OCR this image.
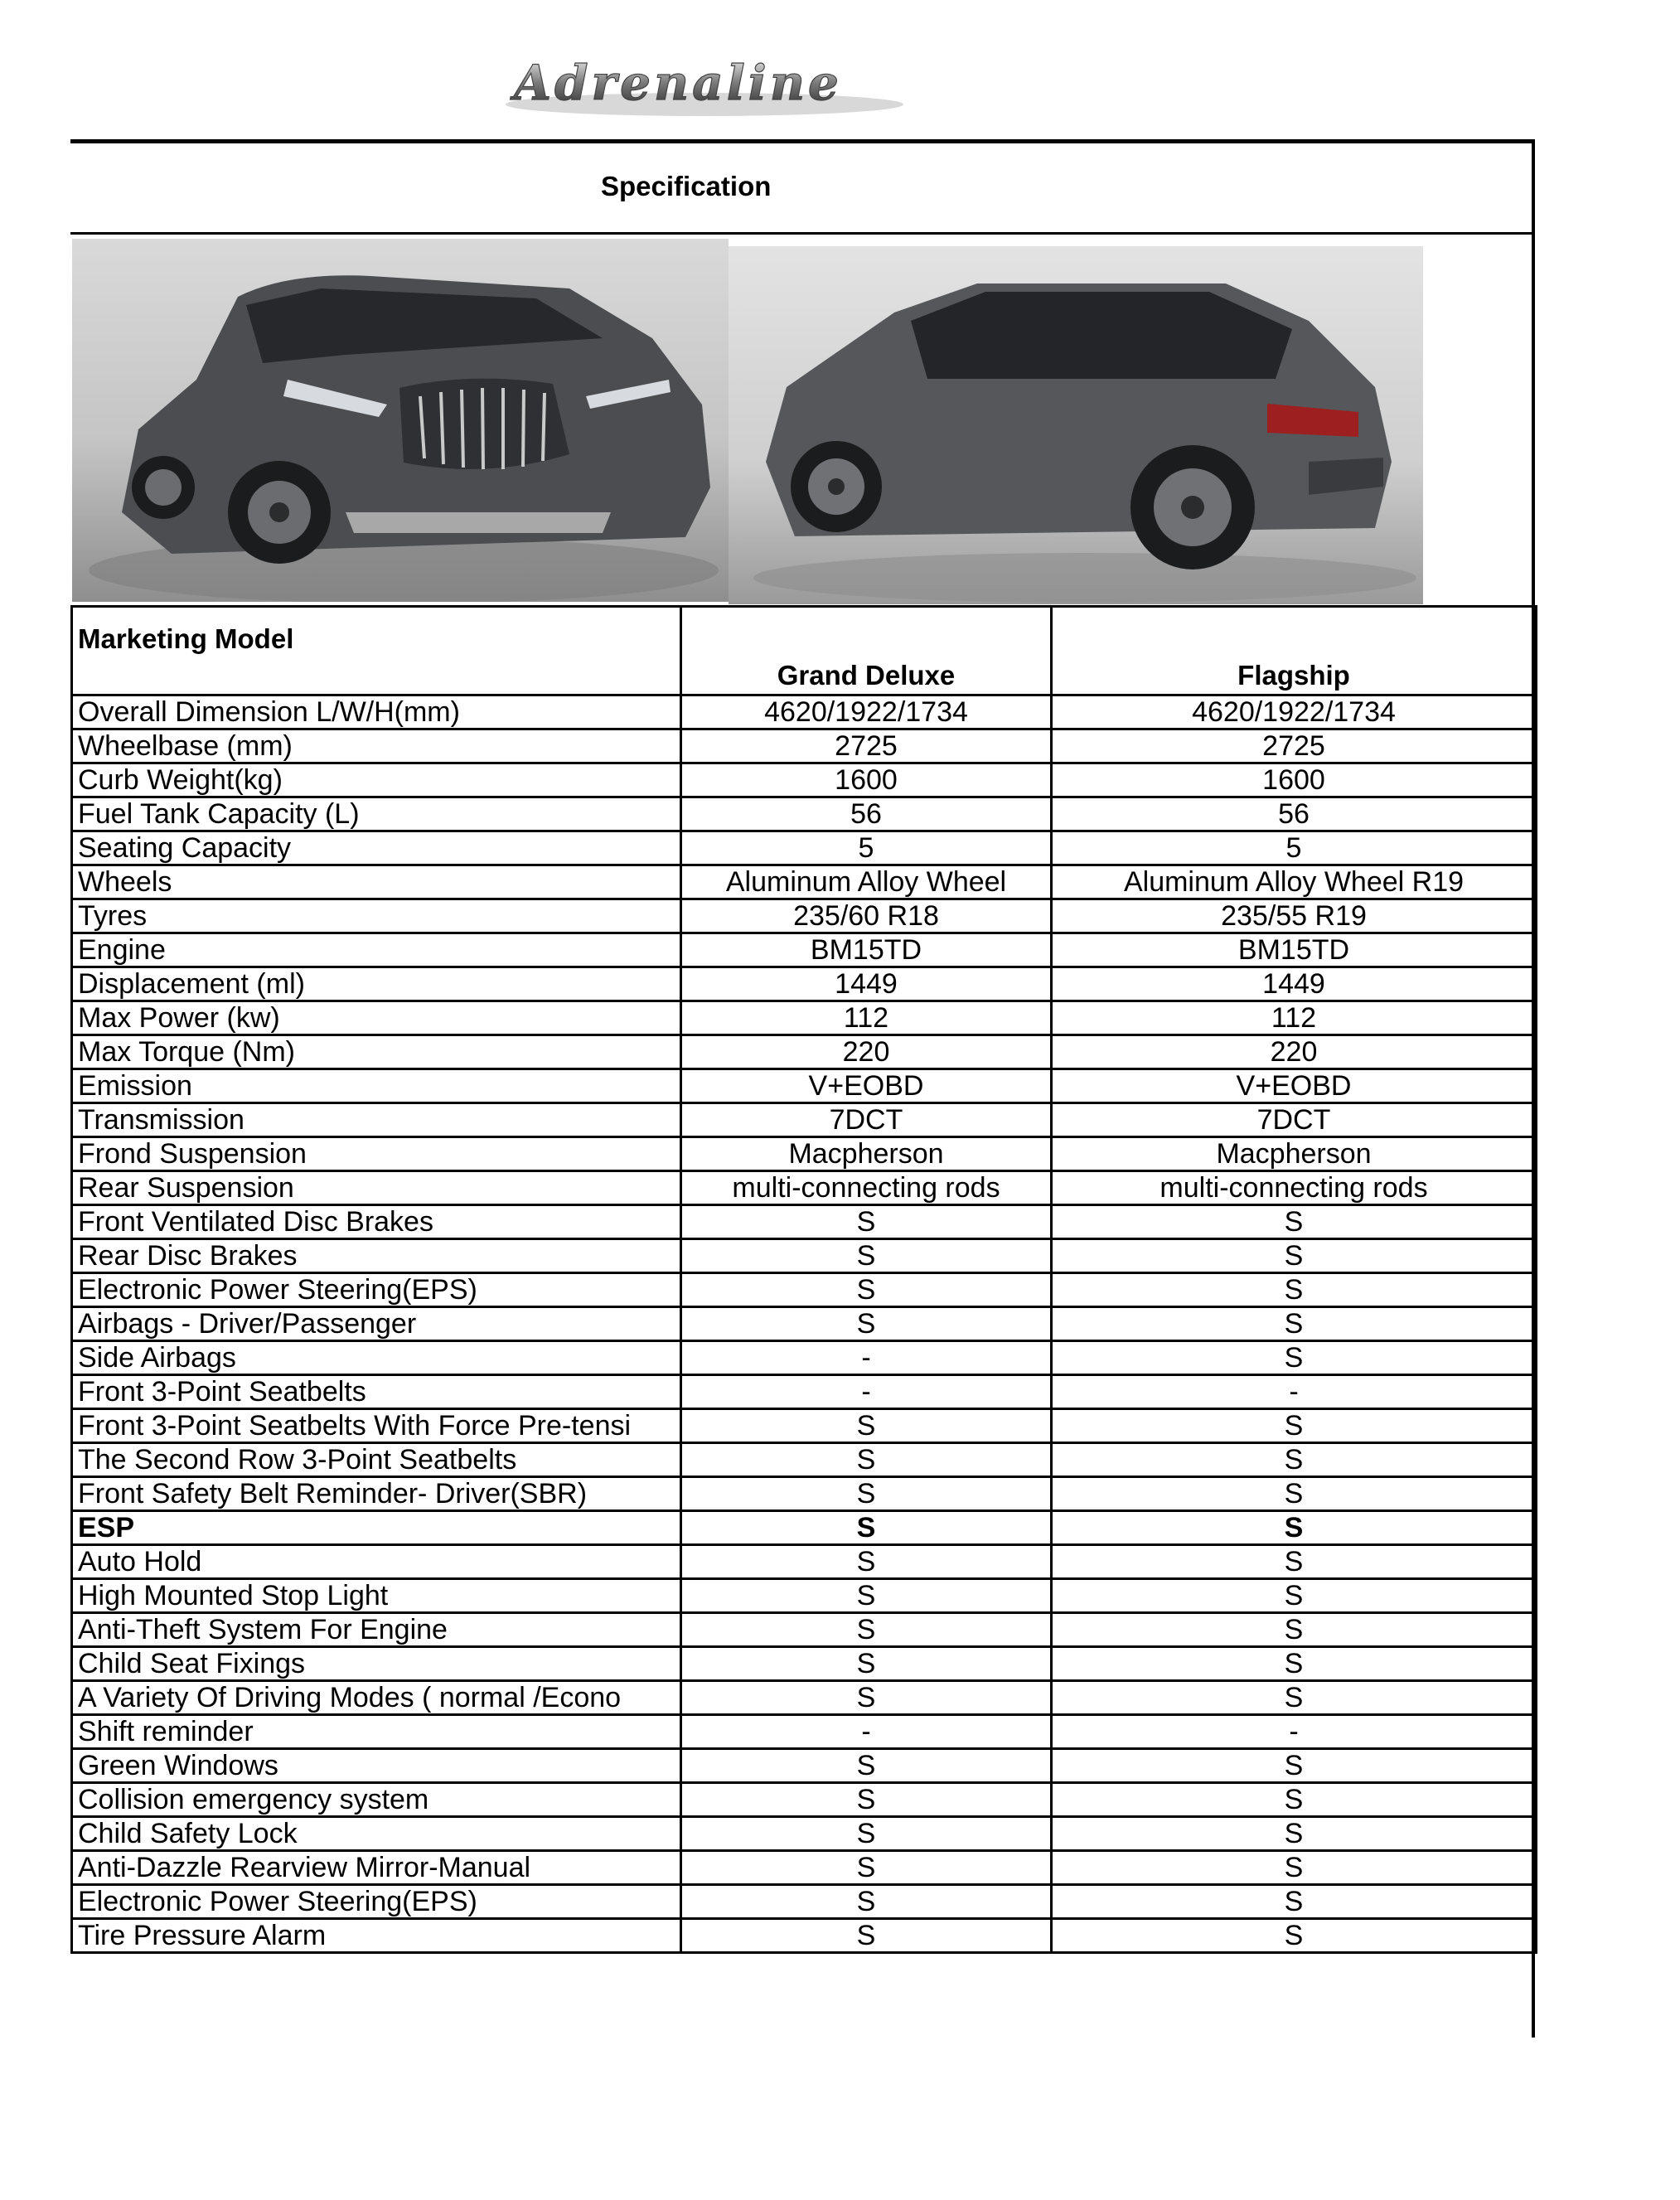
Adrenaline
Specification
Marketing Model	Grand Deluxe	Flagship
Overall Dimension L/W/H(mm)	4620/1922/1734	4620/1922/1734
Wheelbase (mm)	2725	2725
Curb Weight(kg)	1600	1600
Fuel Tank Capacity (L)	56	56
Seating Capacity	5	5
Wheels	Aluminum Alloy Wheel	Aluminum Alloy Wheel R19
Tyres	235/60 R18	235/55 R19
Engine	BM15TD	BM15TD
Displacement (ml)	1449	1449
Max Power (kw)	112	112
Max Torque (Nm)	220	220
Emission	V+EOBD	V+EOBD
Transmission	7DCT	7DCT
Frond Suspension	Macpherson	Macpherson
Rear Suspension	multi-connecting rods	multi-connecting rods
Front Ventilated Disc Brakes	S	S
Rear Disc Brakes	S	S
Electronic Power Steering(EPS)	S	S
Airbags - Driver/Passenger	S	S
Side Airbags	-	S
Front 3-Point Seatbelts	-	-
Front 3-Point Seatbelts With Force Pre-tensi	S	S
The Second Row 3-Point Seatbelts	S	S
Front Safety Belt Reminder- Driver(SBR)	S	S
ESP	S	S
Auto Hold	S	S
High Mounted Stop Light	S	S
Anti-Theft System For Engine	S	S
Child Seat Fixings	S	S
A Variety Of Driving Modes ( normal /Econo	S	S
Shift reminder	-	-
Green Windows	S	S
Collision emergency system	S	S
Child Safety Lock	S	S
Anti-Dazzle Rearview Mirror-Manual	S	S
Electronic Power Steering(EPS)	S	S
Tire Pressure Alarm	S	S
